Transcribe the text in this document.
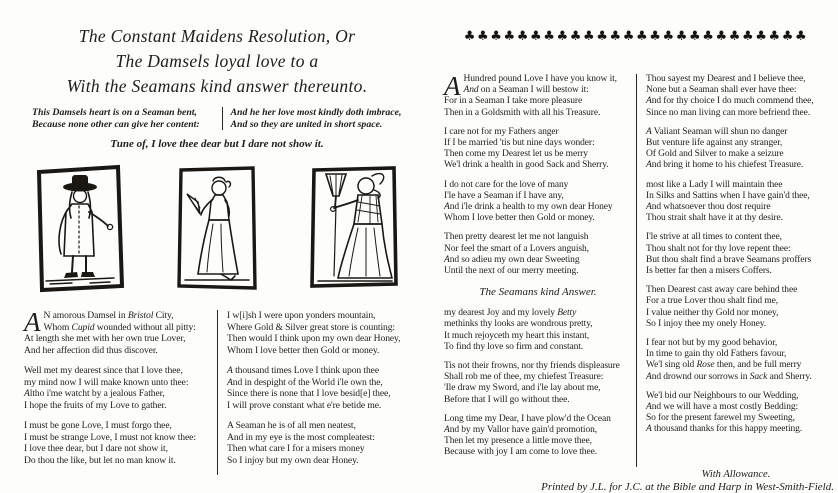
The Constant Maidens Resolution, Or
The Damsels loyal love to a
With the Seamans kind answer thereunto.
This Damsels heart is on a Seaman bent,
Because none other can give her content:
And he her love most kindly doth imbrace,
And so they are united in short space.
Tune of, I love thee dear but I dare not show it.
A N amorous Damsel in Bristol City,
Whom Cupid wounded without all pitty:
At length she met with her own true Lover,
And her affection did thus discover.
Well met my dearest since that I love thee,
my mind now I will make known unto thee:
Altho i'me watcht by a jealous Father,
I hope the fruits of my Love to gather.
I must be gone Love, I must forgo thee,
I must be strange Love, I must not know thee:
I love thee dear, but I dare not show it,
Do thou the like, but let no man know it.
I w[i]sh I were upon yonders mountain,
Where Gold & Silver great store is counting:
Then would I think upon my own dear Honey,
Whom I love better then Gold or money.
A thousand times Love I think upon thee
And in despight of the World i'le own the,
Since there is none that I love besid[e] thee,
I will prove constant what e're betide me.
A Seaman he is of all men neatest,
And in my eye is the most compleatest:
Then what care I for a misers money
So I injoy but my own dear Honey.
♣♣♣♣♣♣♣♣♣♣♣♣♣♣♣♣♣♣♣♣♣♣♣♣♣♣
A Hundred pound Love I have you know it,
And on a Seaman I will bestow it:
For in a Seaman I take more pleasure
Then in a Goldsmith with all his Treasure.
I care not for my Fathers anger
If I be married 'tis but nine days wonder:
Then come my Dearest let us be merry
We'l drink a health in good Sack and Sherry.
I do not care for the love of many
I'le have a Seaman if I have any,
And i'le drink a health to my own dear Honey
Whom I love better then Gold or money.
Then pretty dearest let me not languish
Nor feel the smart of a Lovers anguish,
And so adieu my own dear Sweeting
Until the next of our merry meeting.
The Seamans kind Answer.
my dearest Joy and my lovely Betty
methinks thy looks are wondrous pretty,
It much rejoyceth my heart this instant,
To find thy love so firm and constant.
Tis not their frowns, nor thy friends displeasure
Shall rob me of thee, my chiefest Treasure:
'Ile draw my Sword, and i'le lay about me,
Before that I will go without thee.
Long time my Dear, I have plow'd the Ocean
And by my Vallor have gain'd promotion,
Then let my presence a little move thee,
Because with joy I am come to love thee.
Thou sayest my Dearest and I believe thee,
None but a Seaman shall ever have thee:
And for thy choice I do much commend thee,
Since no man living can more befriend thee.
A Valiant Seaman will shun no danger
But venture life against any stranger,
Of Gold and Silver to make a seizure
And bring it home to his chiefest Treasure.
most like a Lady I will maintain thee
In Silks and Sattins when I have gain'd thee,
And whatsoever thou dost require
Thou strait shalt have it at thy desire.
I'le strive at all times to content thee,
Thou shalt not for thy love repent thee:
But thou shalt find a brave Seamans proffers
Is better far then a misers Coffers.
Then Dearest cast away care behind thee
For a true Lover thou shalt find me,
I value neither thy Gold nor money,
So I injoy thee my onely Honey.
I fear not but by my good behavior,
In time to gain thy old Fathers favour,
We'l sing old Rose then, and be full merry
And drownd our sorrows in Sack and Sherry.
We'l bid our Neighbours to our Wedding,
And we will have a most costly Bedding:
So for the present farewel my Sweeting,
A thousand thanks for this happy meeting.
With Allowance.
Printed by J.L. for J.C. at the Bible and Harp in West-Smith-Field.
